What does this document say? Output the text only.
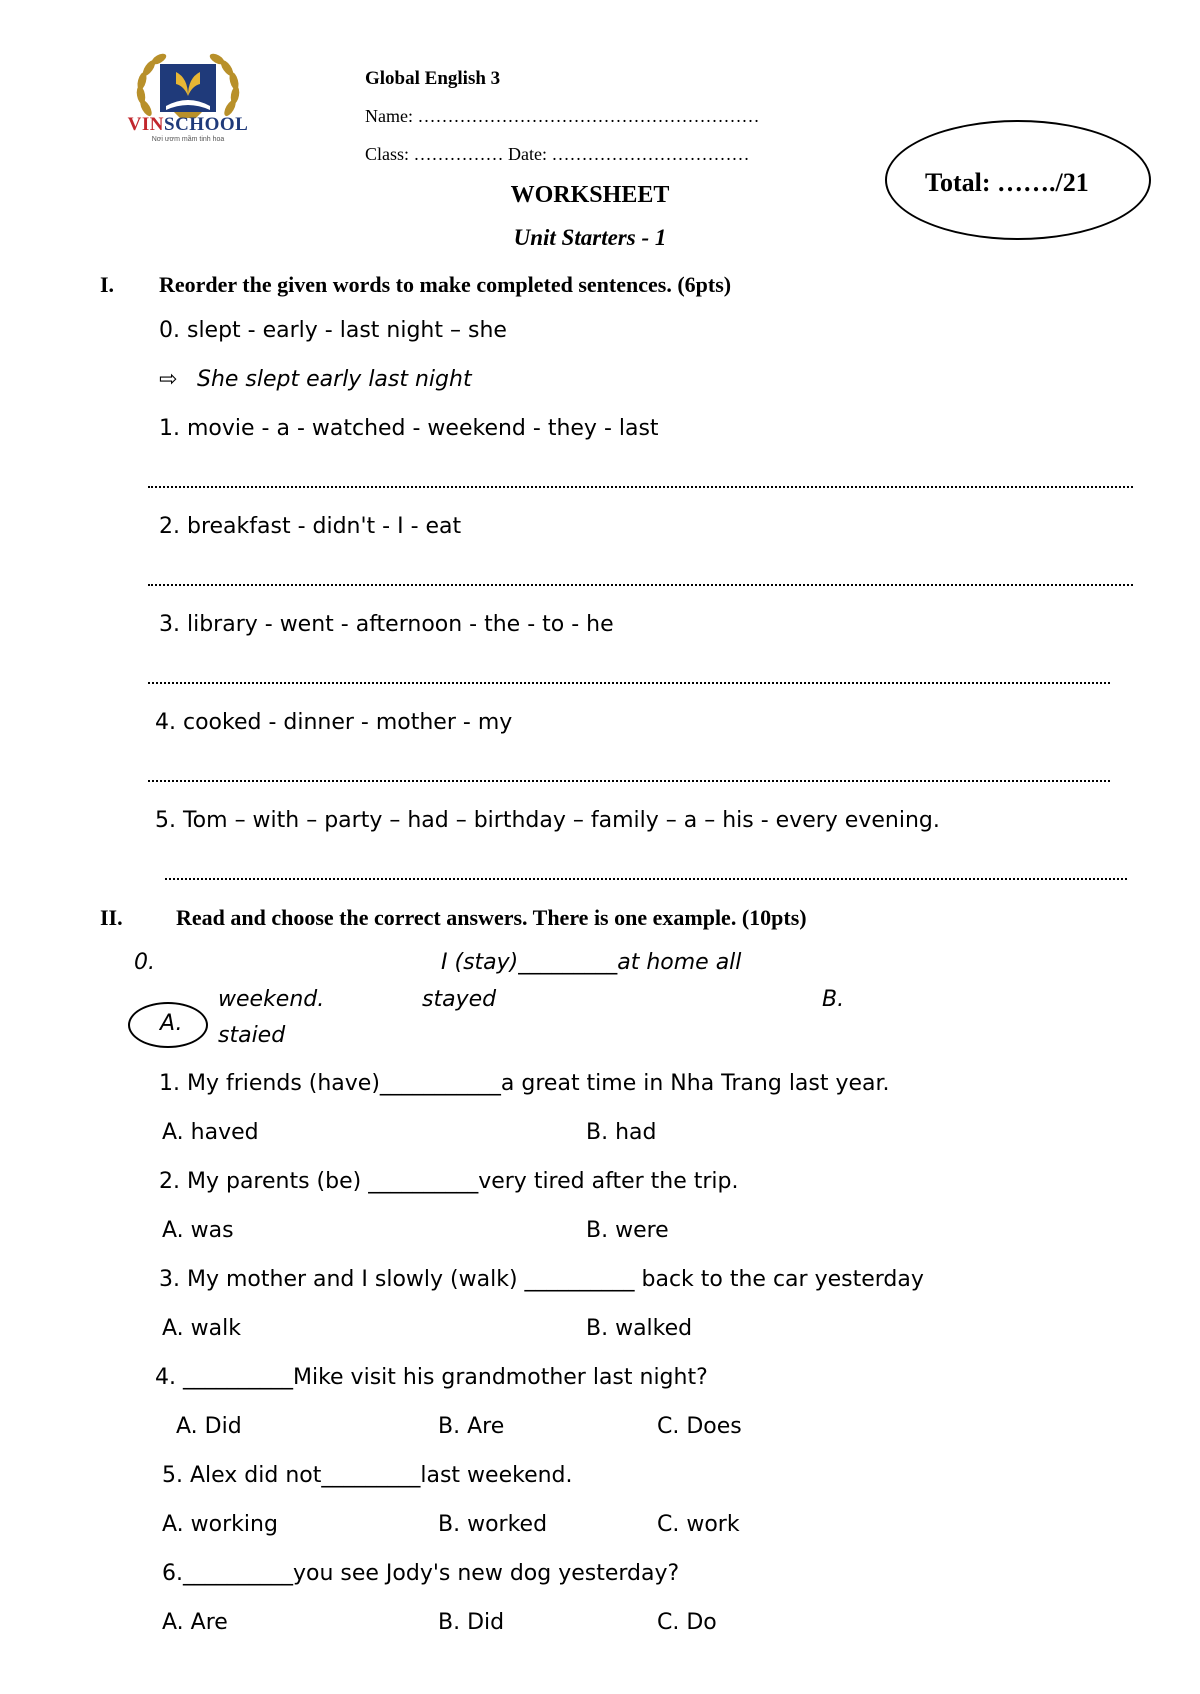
VINSCHOOL
Nơi ươm mầm tinh hoa
Global English 3
Name: …………………………………………………
Class: …………… Date: ……………………………
Total: ……./21
WORKSHEET
Unit Starters - 1
I. Reorder the given words to make completed sentences. (6pts)
0. slept - early - last night – she
⇨ She slept early last night
1. movie - a - watched - weekend - they - last
2. breakfast - didn't - I - eat
3. library - went - afternoon - the - to - he
4. cooked - dinner - mother - my
5. Tom – with – party – had – birthday – family – a – his - every evening.
II. Read and choose the correct answers. There is one example. (10pts)
0.	I (stay)_________at home all
weekend.	stayed	B.
A. staied
1. My friends (have)___________a great time in Nha Trang last year.
A. haved	B. had
2. My parents (be) __________very tired after the trip.
A. was	B. were
3. My mother and I slowly (walk) __________ back to the car yesterday
A. walk	B. walked
4. __________Mike visit his grandmother last night?
A. Did	B. Are	C. Does
5. Alex did not_________last weekend.
A. working	B. worked	C. work
6.__________you see Jody's new dog yesterday?
A. Are	B. Did	C. Do
